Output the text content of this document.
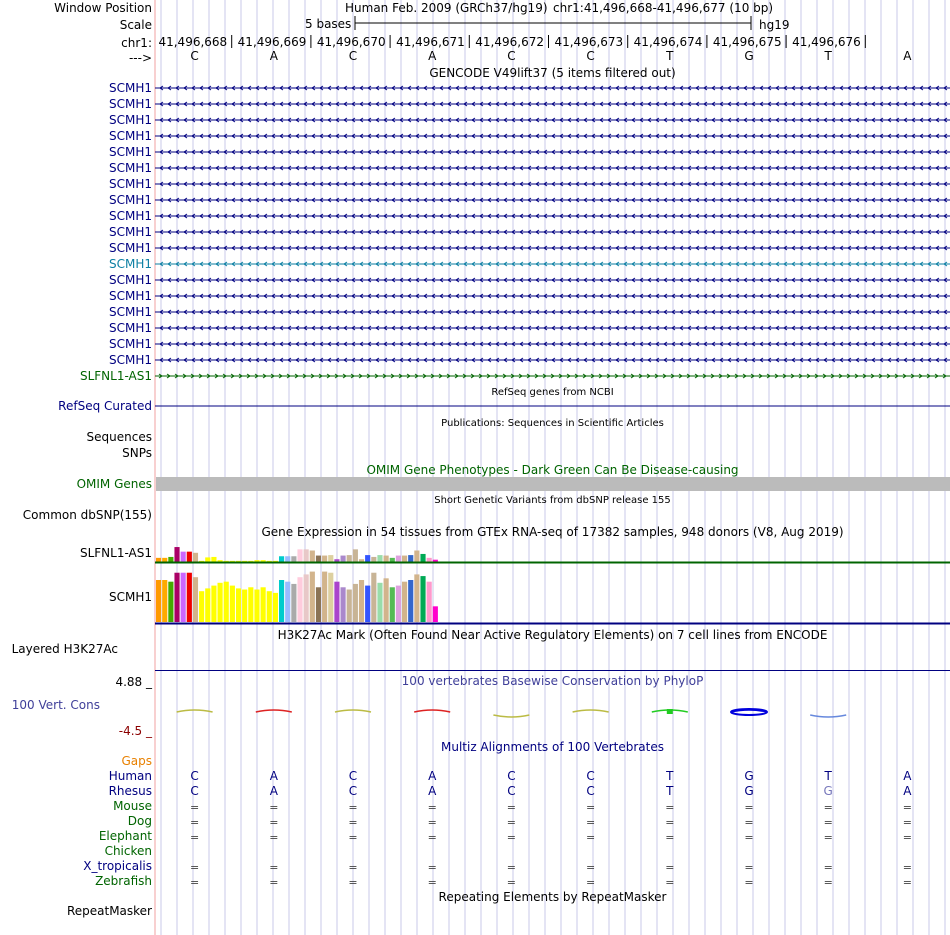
Window Position	Human Feb. 2009 (GRCh37/hg19) chr1:41,496,668-41,496,677 (10 bp)
Scale	5 bases	hg19
chr1:
--->
41,496,668 41,496,669 41,496,670 41,496,671 41,496,672 41,496,673 41,496,674 41,496,675 41,496,676
C	A	C	A	C	C	T	G	T	A
GENCODE V49lift37 (5 items filtered out)
SCMH1
SCMH1
SCMH1
SCMH1
SCMH1
SCMH1
SCMH1
SCMH1
SCMH1
SCMH1
SCMH1
SCMH1
SCMH1
SCMH1
SCMH1
SCMH1
SCMH1
SCMH1
SLFNL1-AS1
RefSeq genes from NCBI
RefSeq Curated
Publications: Sequences in Scientific Articles
Sequences
SNPs
OMIM Gene Phenotypes - Dark Green Can Be Disease-causing
OMIM Genes
Short Genetic Variants from dbSNP release 155
Common dbSNP(155)
Gene Expression in 54 tissues from GTEx RNA-seq of 17382 samples, 948 donors (V8, Aug 2019)
SLFNL1-AS1
SCMH1
H3K27Ac Mark (Often Found Near Active Regulatory Elements) on 7 cell lines from ENCODE
Layered H3K27Ac
4.88 _	100 vertebrates Basewise Conservation by PhyloP
100 Vert. Cons
-4.5 _
Multiz Alignments of 100 Vertebrates
Gaps
Human	C	A	C	A	C	C	T	G	T	A
Rhesus	C	A	C	A	C	C	T	G	G	A
Mouse	=	=	=	=	=	=	=	=	=	=
Dog	=	=	=	=	=	=	=	=	=	=
Elephant	=	=	=	=	=	=	=	=	=	=
Chicken
X_tropicalis	=	=	=	=	=	=	=	=	=	=
Zebrafish	=	=	=	=	=	=	=	=	=	=
Repeating Elements by RepeatMasker
RepeatMasker
